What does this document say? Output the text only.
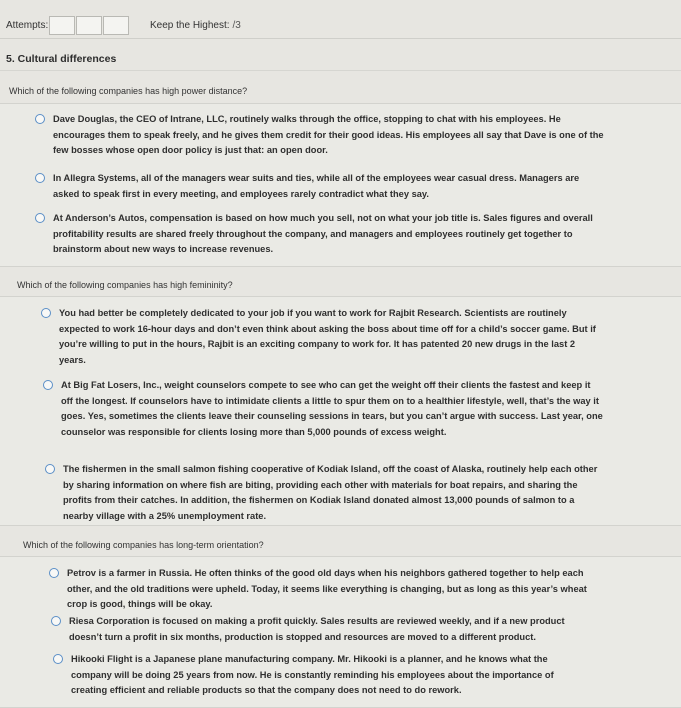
Attempts:	Keep the Highest: /3
5. Cultural differences
Which of the following companies has high power distance?
Dave Douglas, the CEO of Intrane, LLC, routinely walks through the office, stopping to chat with his employees. He encourages them to speak freely, and he gives them credit for their good ideas. His employees all say that Dave is one of the few bosses whose open door policy is just that: an open door.
In Allegra Systems, all of the managers wear suits and ties, while all of the employees wear casual dress. Managers are asked to speak first in every meeting, and employees rarely contradict what they say.
At Anderson’s Autos, compensation is based on how much you sell, not on what your job title is. Sales figures and overall profitability results are shared freely throughout the company, and managers and employees routinely get together to brainstorm about new ways to increase revenues.
Which of the following companies has high femininity?
You had better be completely dedicated to your job if you want to work for Rajbit Research. Scientists are routinely expected to work 16-hour days and don’t even think about asking the boss about time off for a child’s soccer game. But if you’re willing to put in the hours, Rajbit is an exciting company to work for. It has patented 20 new drugs in the last 2 years.
At Big Fat Losers, Inc., weight counselors compete to see who can get the weight off their clients the fastest and keep it off the longest. If counselors have to intimidate clients a little to spur them on to a healthier lifestyle, well, that’s the way it goes. Yes, sometimes the clients leave their counseling sessions in tears, but you can’t argue with success. Last year, one counselor was responsible for clients losing more than 5,000 pounds of excess weight.
The fishermen in the small salmon fishing cooperative of Kodiak Island, off the coast of Alaska, routinely help each other by sharing information on where fish are biting, providing each other with materials for boat repairs, and sharing the profits from their catches. In addition, the fishermen on Kodiak Island donated almost 13,000 pounds of salmon to a nearby village with a 25% unemployment rate.
Which of the following companies has long-term orientation?
Petrov is a farmer in Russia. He often thinks of the good old days when his neighbors gathered together to help each other, and the old traditions were upheld. Today, it seems like everything is changing, but as long as this year’s wheat crop is good, things will be okay.
Riesa Corporation is focused on making a profit quickly. Sales results are reviewed weekly, and if a new product doesn’t turn a profit in six months, production is stopped and resources are moved to a different product.
Hikooki Flight is a Japanese plane manufacturing company. Mr. Hikooki is a planner, and he knows what the company will be doing 25 years from now. He is constantly reminding his employees about the importance of creating efficient and reliable products so that the company does not need to do rework.
